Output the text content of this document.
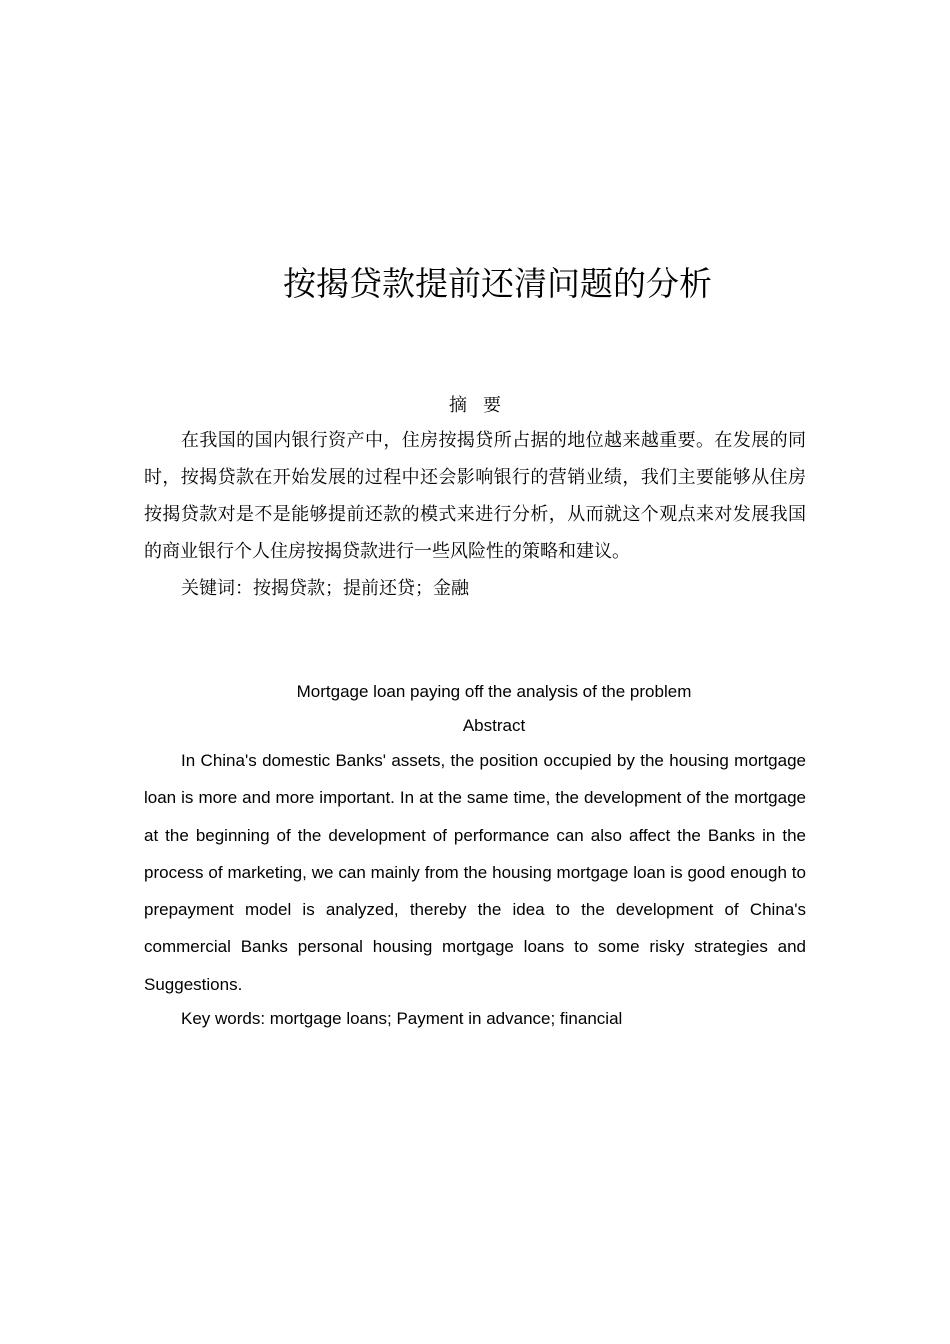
按揭贷款提前还清问题的分析
摘要

在我国的国内银行资产中，住房按揭贷所占据的地位越来越重要。在发展的同时，按揭贷款在开始发展的过程中还会影响银行的营销业绩，我们主要能够从住房按揭贷款对是不是能够提前还款的模式来进行分析，从而就这个观点来对发展我国的商业银行个人住房按揭贷款进行一些风险性的策略和建议。

关键词：按揭贷款；提前还贷；金融

Mortgage loan paying off the analysis of the problem

Abstract

In China's domestic Banks' assets, the position occupied by the housing mortgage loan is more and more important. In at the same time, the development of the mortgage at the beginning of the development of performance can also affect the Banks in the process of marketing, we can mainly from the housing mortgage loan is good enough to prepayment model is analyzed, thereby the idea to the development of China's commercial Banks personal housing mortgage loans to some risky strategies and Suggestions.

Key words: mortgage loans; Payment in advance; financial
